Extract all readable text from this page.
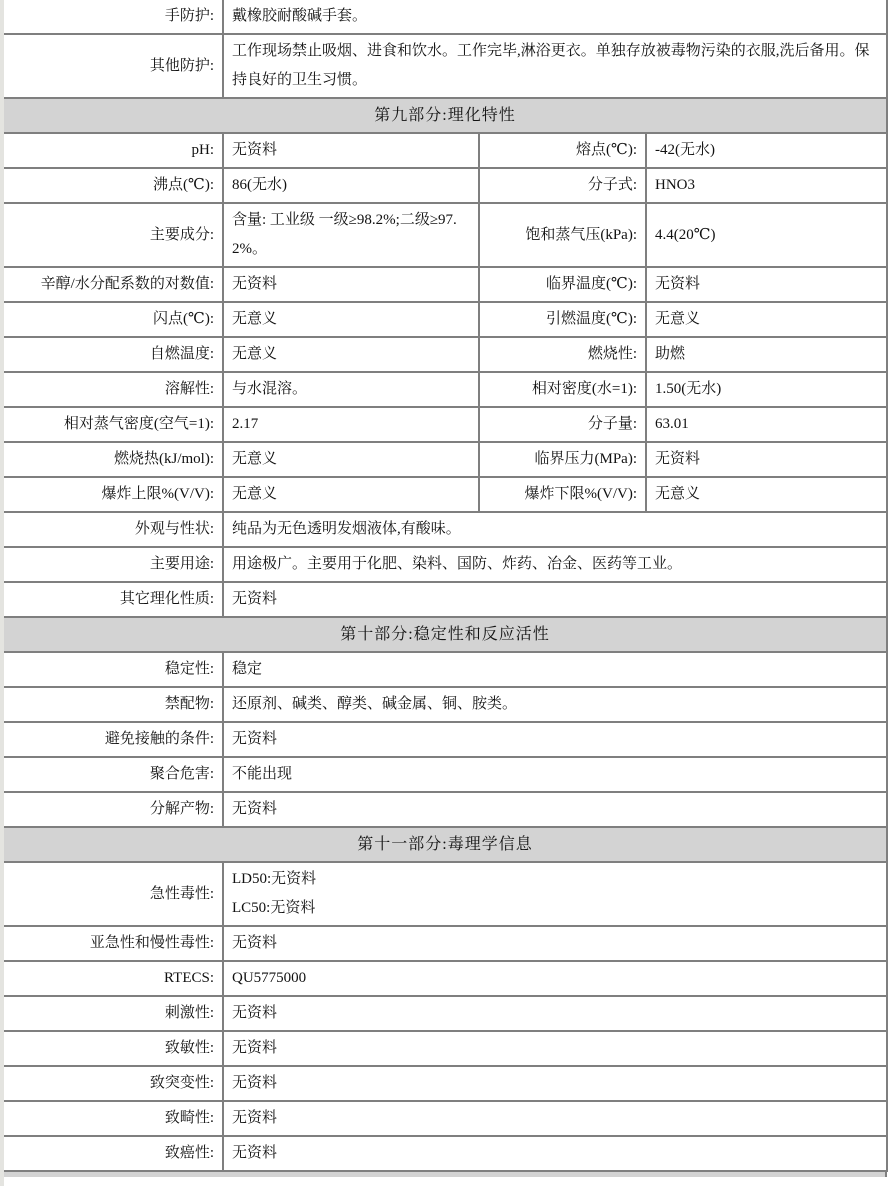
手防护:	戴橡胶耐酸碱手套。		
其他防护:	工作现场禁止吸烟、进食和饮水。工作完毕,淋浴更衣。单独存放被毒物污染的衣服,洗后备用。保持良好的卫生习惯。		
第九部分:理化特性			
pH:	无资料	熔点(℃):	-42(无水)
沸点(℃):	86(无水)	分子式:	HNO3
主要成分:	含量: 工业级 一级≥98.2%;二级≥97.2%。	饱和蒸气压(kPa):	4.4(20℃)
辛醇/水分配系数的对数值:	无资料	临界温度(℃):	无资料
闪点(℃):	无意义	引燃温度(℃):	无意义
自燃温度:	无意义	燃烧性:	助燃
溶解性:	与水混溶。	相对密度(水=1):	1.50(无水)
相对蒸气密度(空气=1):	2.17	分子量:	63.01
燃烧热(kJ/mol):	无意义	临界压力(MPa):	无资料
爆炸上限%(V/V):	无意义	爆炸下限%(V/V):	无意义
外观与性状:	纯品为无色透明发烟液体,有酸味。		
主要用途:	用途极广。主要用于化肥、染料、国防、炸药、冶金、医药等工业。		
其它理化性质:	无资料		
第十部分:稳定性和反应活性			
稳定性:	稳定		
禁配物:	还原剂、碱类、醇类、碱金属、铜、胺类。		
避免接触的条件:	无资料		
聚合危害:	不能出现		
分解产物:	无资料		
第十一部分:毒理学信息			
急性毒性:	LD50:无资料
LC50:无资料		

亚急性和慢性毒性:	无资料		
RTECS:	QU5775000		
刺激性:	无资料		
致敏性:	无资料		
致突变性:	无资料		
致畸性:	无资料		
致癌性:	无资料		
